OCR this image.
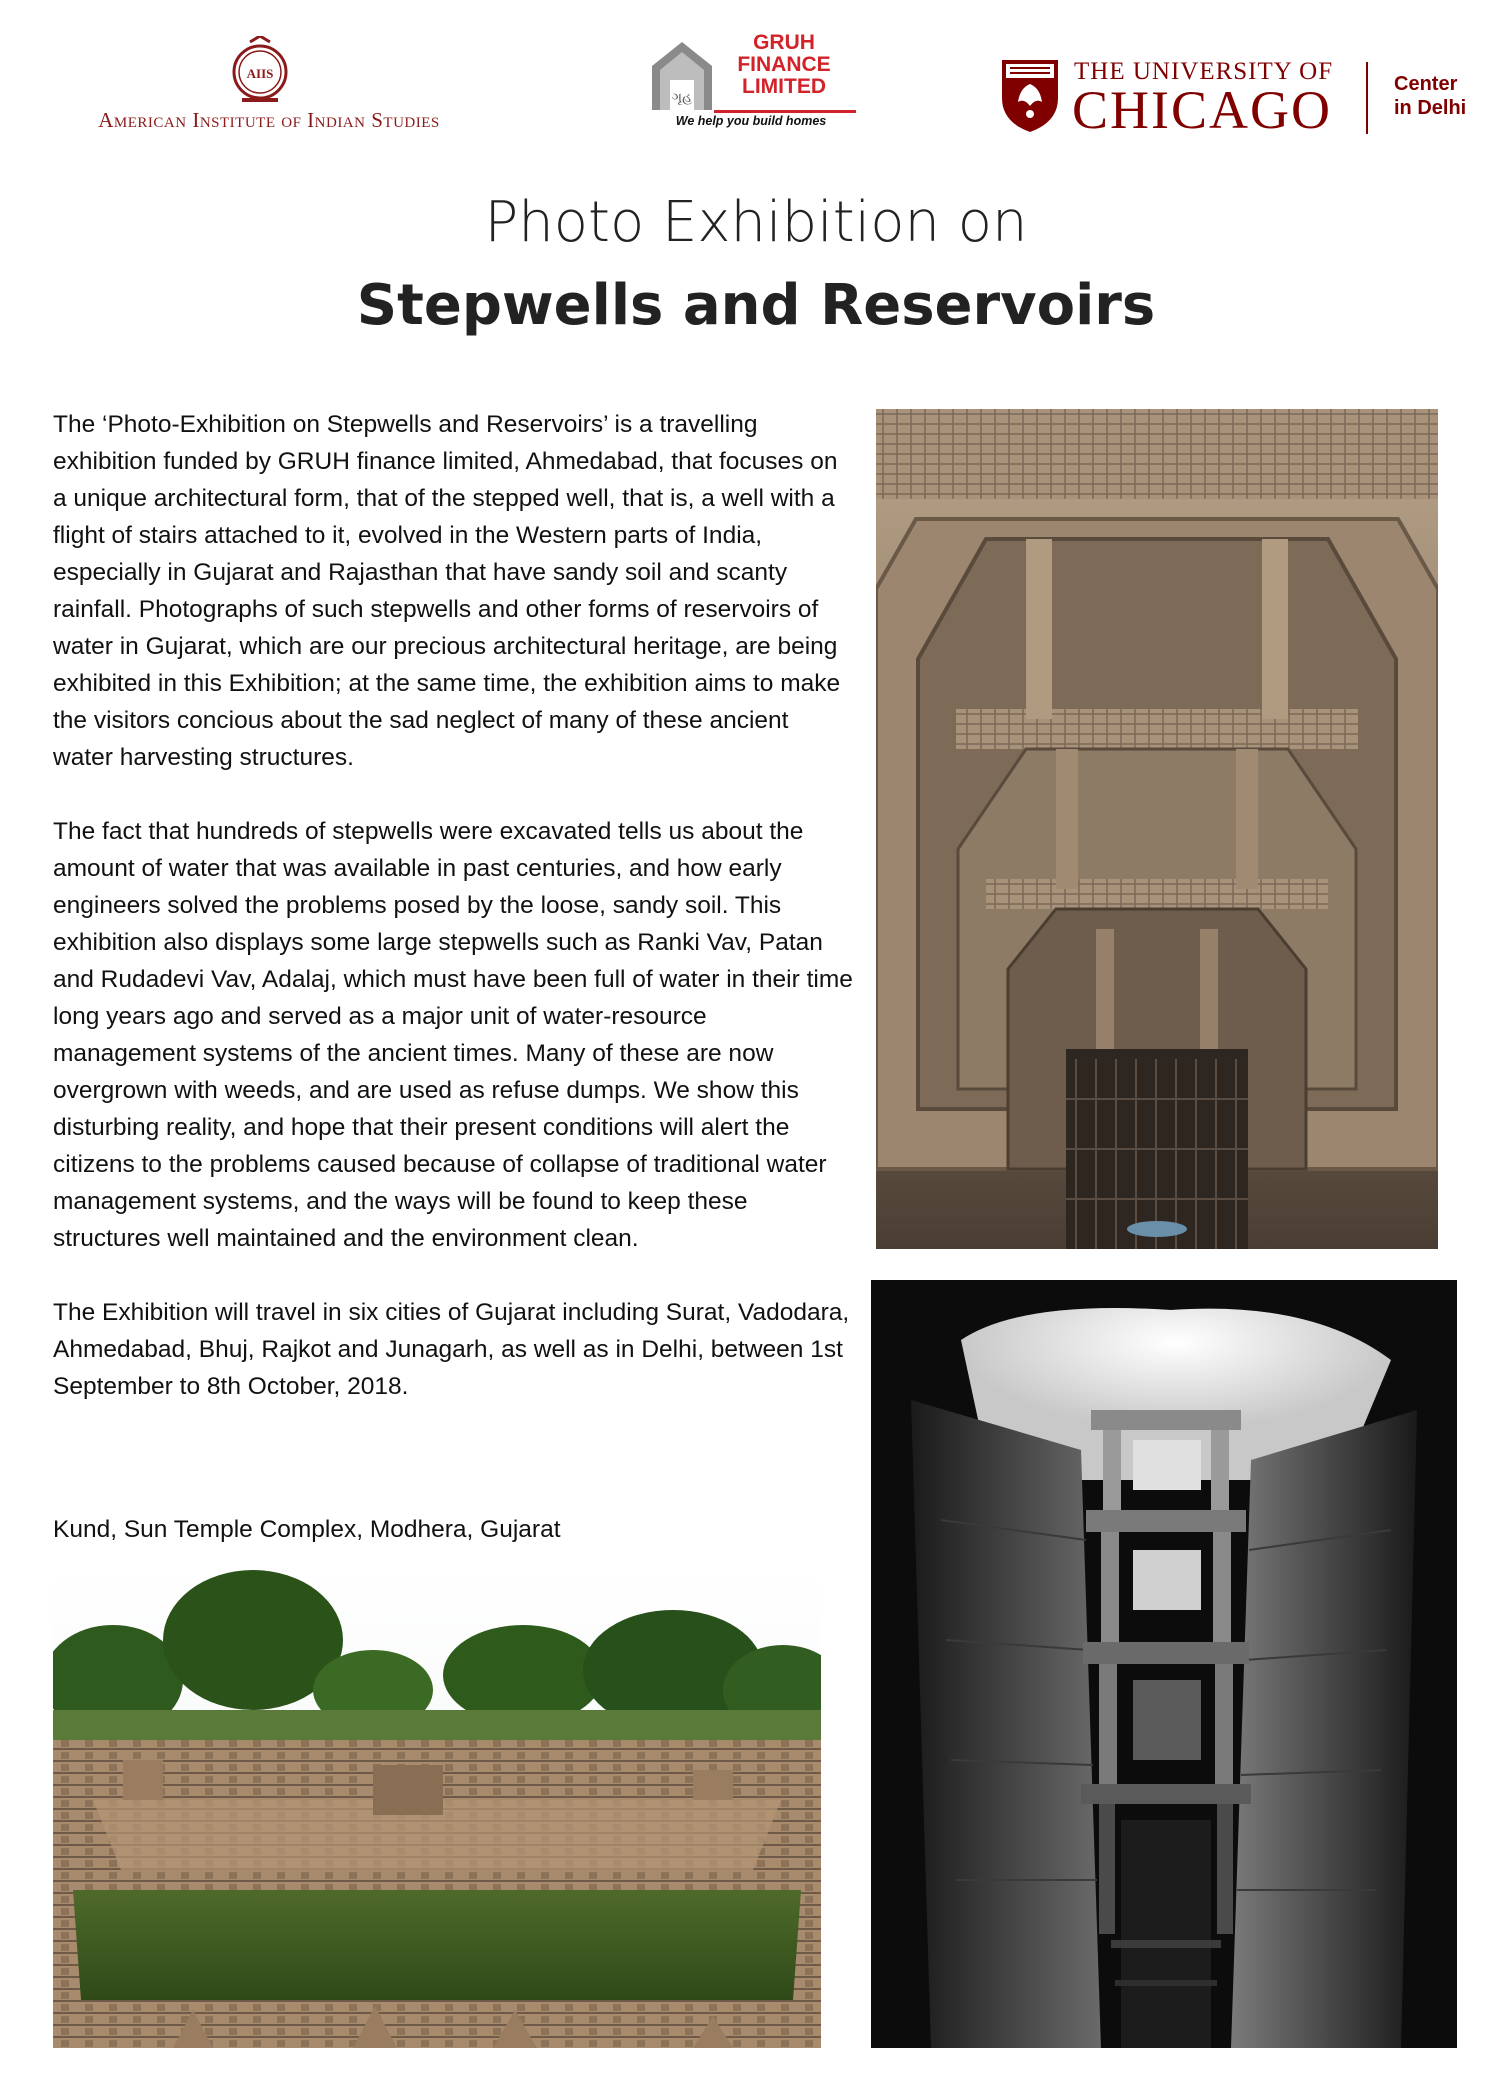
AIIS
American Institute of Indian Studies
ગૃહ
GRUH
FINANCE
LIMITED
We help you build homes
THE UNIVERSITY OF
CHICAGO	Center
in Delhi
Photo Exhibition on
Stepwells and Reservoirs

The ‘Photo-Exhibition on Stepwells and Reservoirs’ is a travelling exhibition funded by GRUH finance limited, Ahmedabad, that focuses on a unique architectural form, that of the stepped well, that is, a well with a flight of stairs attached to it, evolved in the Western parts of India, especially in Gujarat and Rajasthan that have sandy soil and scanty rainfall. Photographs of such stepwells and other forms of reservoirs of water in Gujarat, which are our precious architectural heritage, are being exhibited in this Exhibition; at the same time, the exhibition aims to make the visitors concious about the sad neglect of many of these ancient water harvesting structures.

The fact that hundreds of stepwells were excavated tells us about the amount of water that was available in past centuries, and how early engineers solved the problems posed by the loose, sandy soil. This exhibition also displays some large stepwells such as Ranki Vav, Patan and Rudadevi Vav, Adalaj, which must have been full of water in their time long years ago and served as a major unit of water-resource management systems of the ancient times. Many of these are now overgrown with weeds, and are used as refuse dumps. We show this disturbing reality, and hope that their present conditions will alert the citizens to the problems caused because of collapse of traditional water management systems, and the ways will be found to keep these structures well maintained and the environment clean.

The Exhibition will travel in six cities of Gujarat including Surat, Vadodara, Ahmedabad, Bhuj, Rajkot and Junagarh, as well as in Delhi, between 1st September to 8th October, 2018.

Kund, Sun Temple Complex, Modhera, Gujarat
